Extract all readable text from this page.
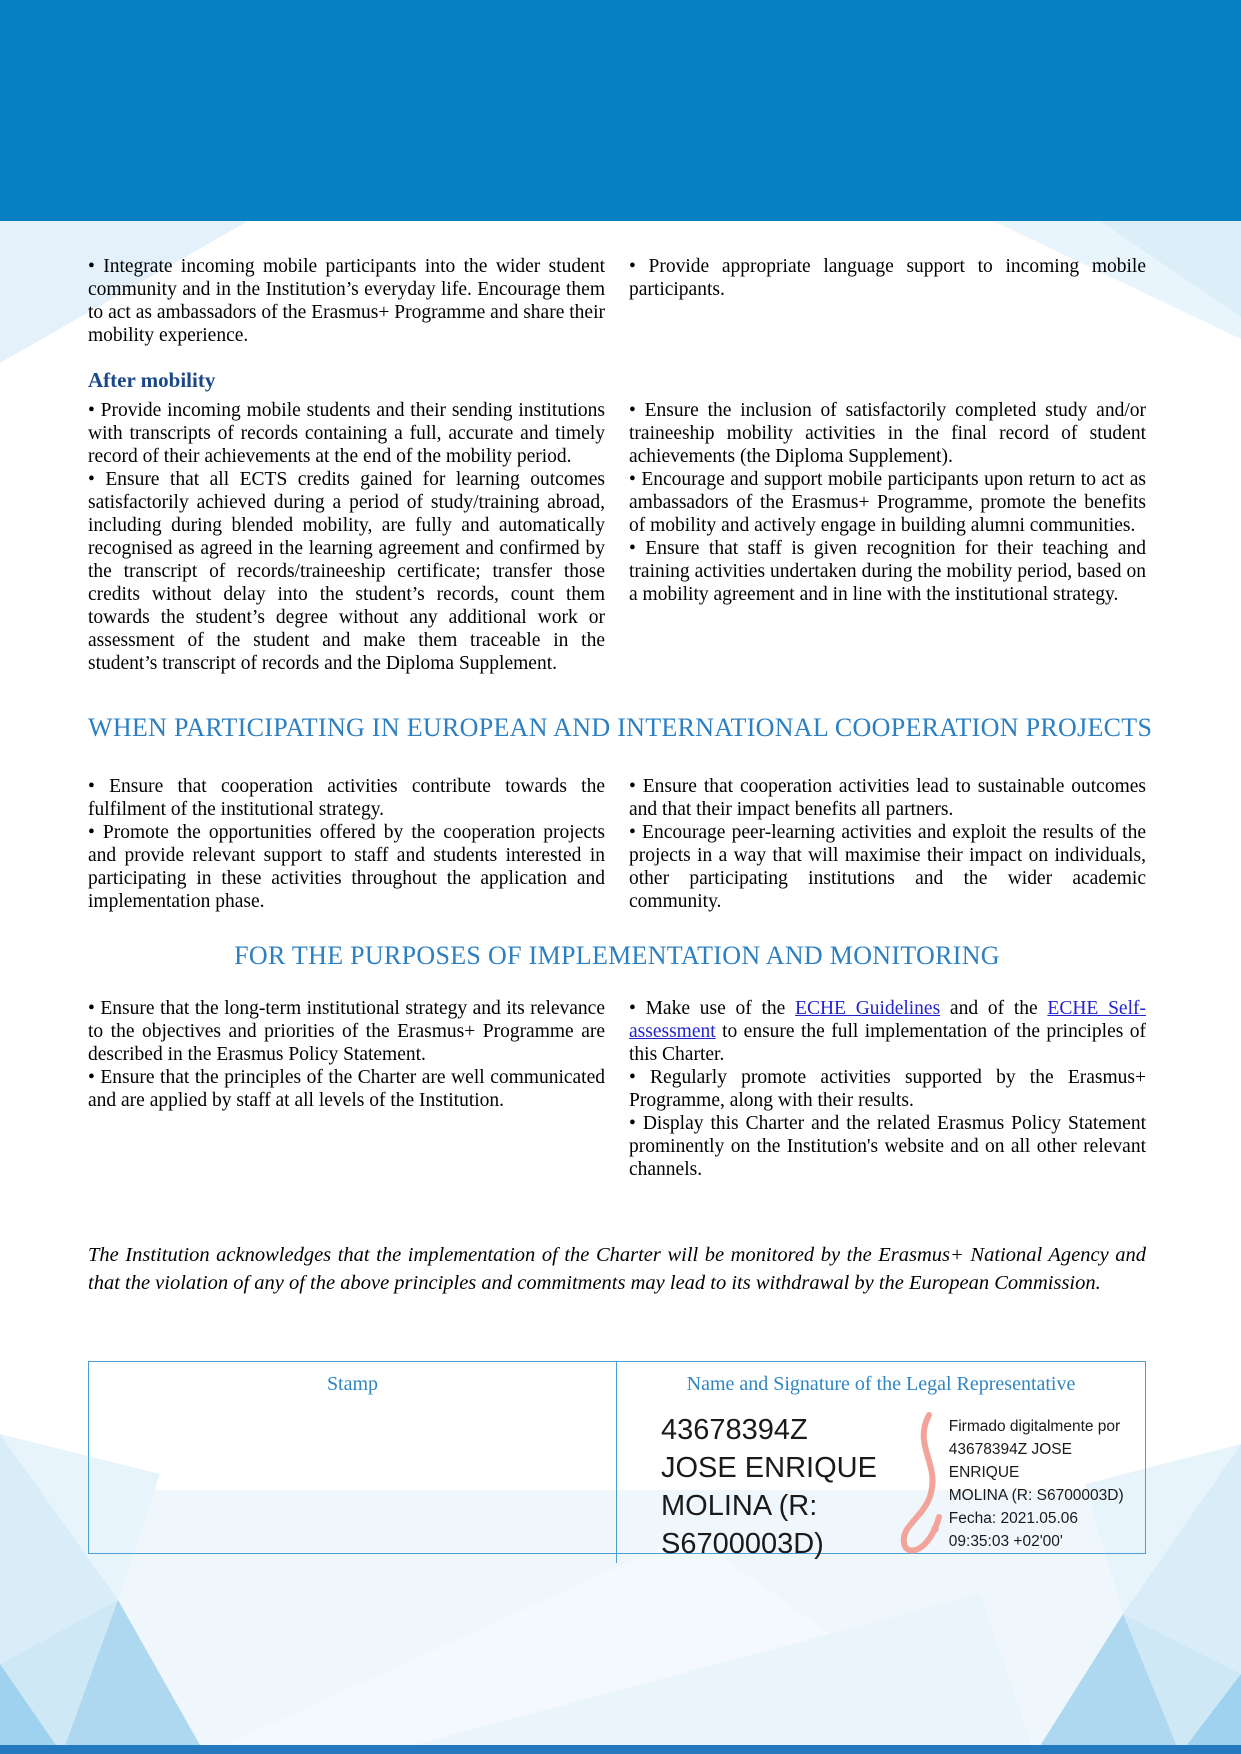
• Integrate incoming mobile participants into the wider student community and in the Institution’s everyday life. Encourage them to act as ambassadors of the Erasmus+ Programme and share their mobility experience.

• Provide appropriate language support to incoming mobile participants.

After mobility

• Provide incoming mobile students and their sending institutions with transcripts of records containing a full, accurate and timely record of their achievements at the end of the mobility period.

• Ensure that all ECTS credits gained for learning outcomes satisfactorily achieved during a period of study/training abroad, including during blended mobility, are fully and automatically recognised as agreed in the learning agreement and confirmed by the transcript of records/traineeship certificate; transfer those credits without delay into the student’s records, count them towards the student’s degree without any additional work or assessment of the student and make them traceable in the student’s transcript of records and the Diploma Supplement.

• Ensure the inclusion of satisfactorily completed study and/or traineeship mobility activities in the final record of student achievements (the Diploma Supplement).

• Encourage and support mobile participants upon return to act as ambassadors of the Erasmus+ Programme, promote the benefits of mobility and actively engage in building alumni communities.

• Ensure that staff is given recognition for their teaching and training activities undertaken during the mobility period, based on a mobility agreement and in line with the institutional strategy.

WHEN PARTICIPATING IN EUROPEAN AND INTERNATIONAL COOPERATION PROJECTS

• Ensure that cooperation activities contribute towards the fulfilment of the institutional strategy.

• Promote the opportunities offered by the cooperation projects and provide relevant support to staff and students interested in participating in these activities throughout the application and implementation phase.

• Ensure that cooperation activities lead to sustainable outcomes and that their impact benefits all partners.

• Encourage peer-learning activities and exploit the results of the projects in a way that will maximise their impact on individuals, other participating institutions and the wider academic community.

FOR THE PURPOSES OF IMPLEMENTATION AND MONITORING

• Ensure that the long-term institutional strategy and its relevance to the objectives and priorities of the Erasmus+ Programme are described in the Erasmus Policy Statement.

• Ensure that the principles of the Charter are well communicated and are applied by staff at all levels of the Institution.

• Make use of the ECHE Guidelines and of the ECHE Self-assessment to ensure the full implementation of the principles of this Charter.

• Regularly promote activities supported by the Erasmus+ Programme, along with their results.

• Display this Charter and the related Erasmus Policy Statement prominently on the Institution's website and on all other relevant channels.

The Institution acknowledges that the implementation of the Charter will be monitored by the Erasmus+ National Agency and that the violation of any of the above principles and commitments may lead to its withdrawal by the European Commission.

Stamp	Name and Signature of the Legal Representative
43678394Z JOSE ENRIQUE MOLINA (R: S6700003D)
Firmado digitalmente por
43678394Z JOSE ENRIQUE
MOLINA (R: S6700003D)
Fecha: 2021.05.06
09:35:03 +02'00'
